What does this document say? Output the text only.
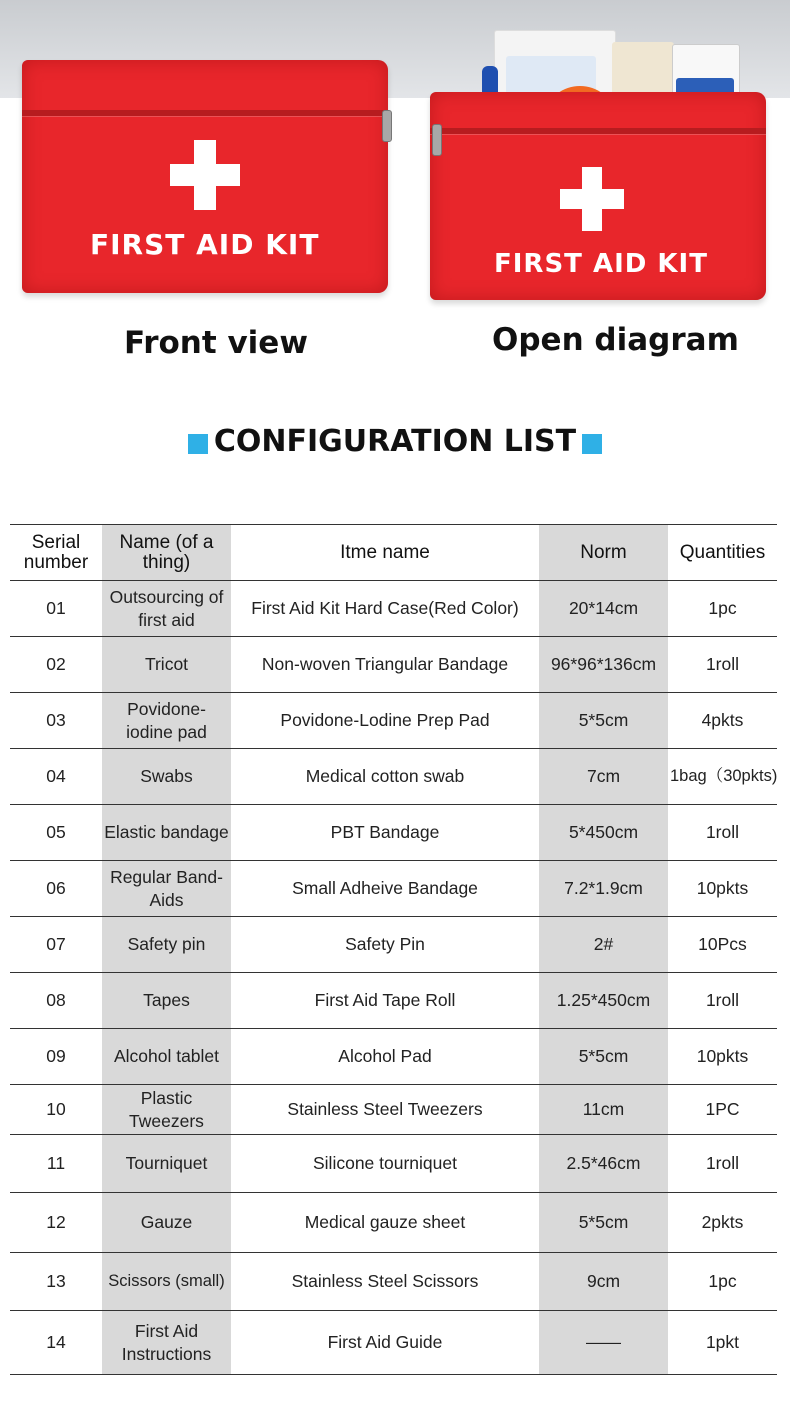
FIRST AID KIT
FIRST AID KIT
Front view	Open diagram
CONFIGURATION LIST
Serial number	Name (of a thing)	Itme name	Norm	Quantities
01	Outsourcing of first aid	First Aid Kit Hard Case(Red Color)	20*14cm	1pc
02	Tricot	Non-woven Triangular Bandage	96*96*136cm	1roll
03	Povidone-iodine pad	Povidone-Lodine Prep Pad	5*5cm	4pkts
04	Swabs	Medical cotton swab	7cm	1bag（30pkts)
05	Elastic bandage	PBT Bandage	5*450cm	1roll
06	Regular Band-Aids	Small Adheive Bandage	7.2*1.9cm	10pkts
07	Safety pin	Safety Pin	2#	10Pcs
08	Tapes	First Aid Tape Roll	1.25*450cm	1roll
09	Alcohol tablet	Alcohol Pad	5*5cm	10pkts
10	Plastic Tweezers	Stainless Steel Tweezers	11cm	1PC
11	Tourniquet	Silicone tourniquet	2.5*46cm	1roll
12	Gauze	Medical gauze sheet	5*5cm	2pkts
13	Scissors (small)	Stainless Steel Scissors	9cm	1pc
14	First Aid Instructions	First Aid Guide	——	1pkt
